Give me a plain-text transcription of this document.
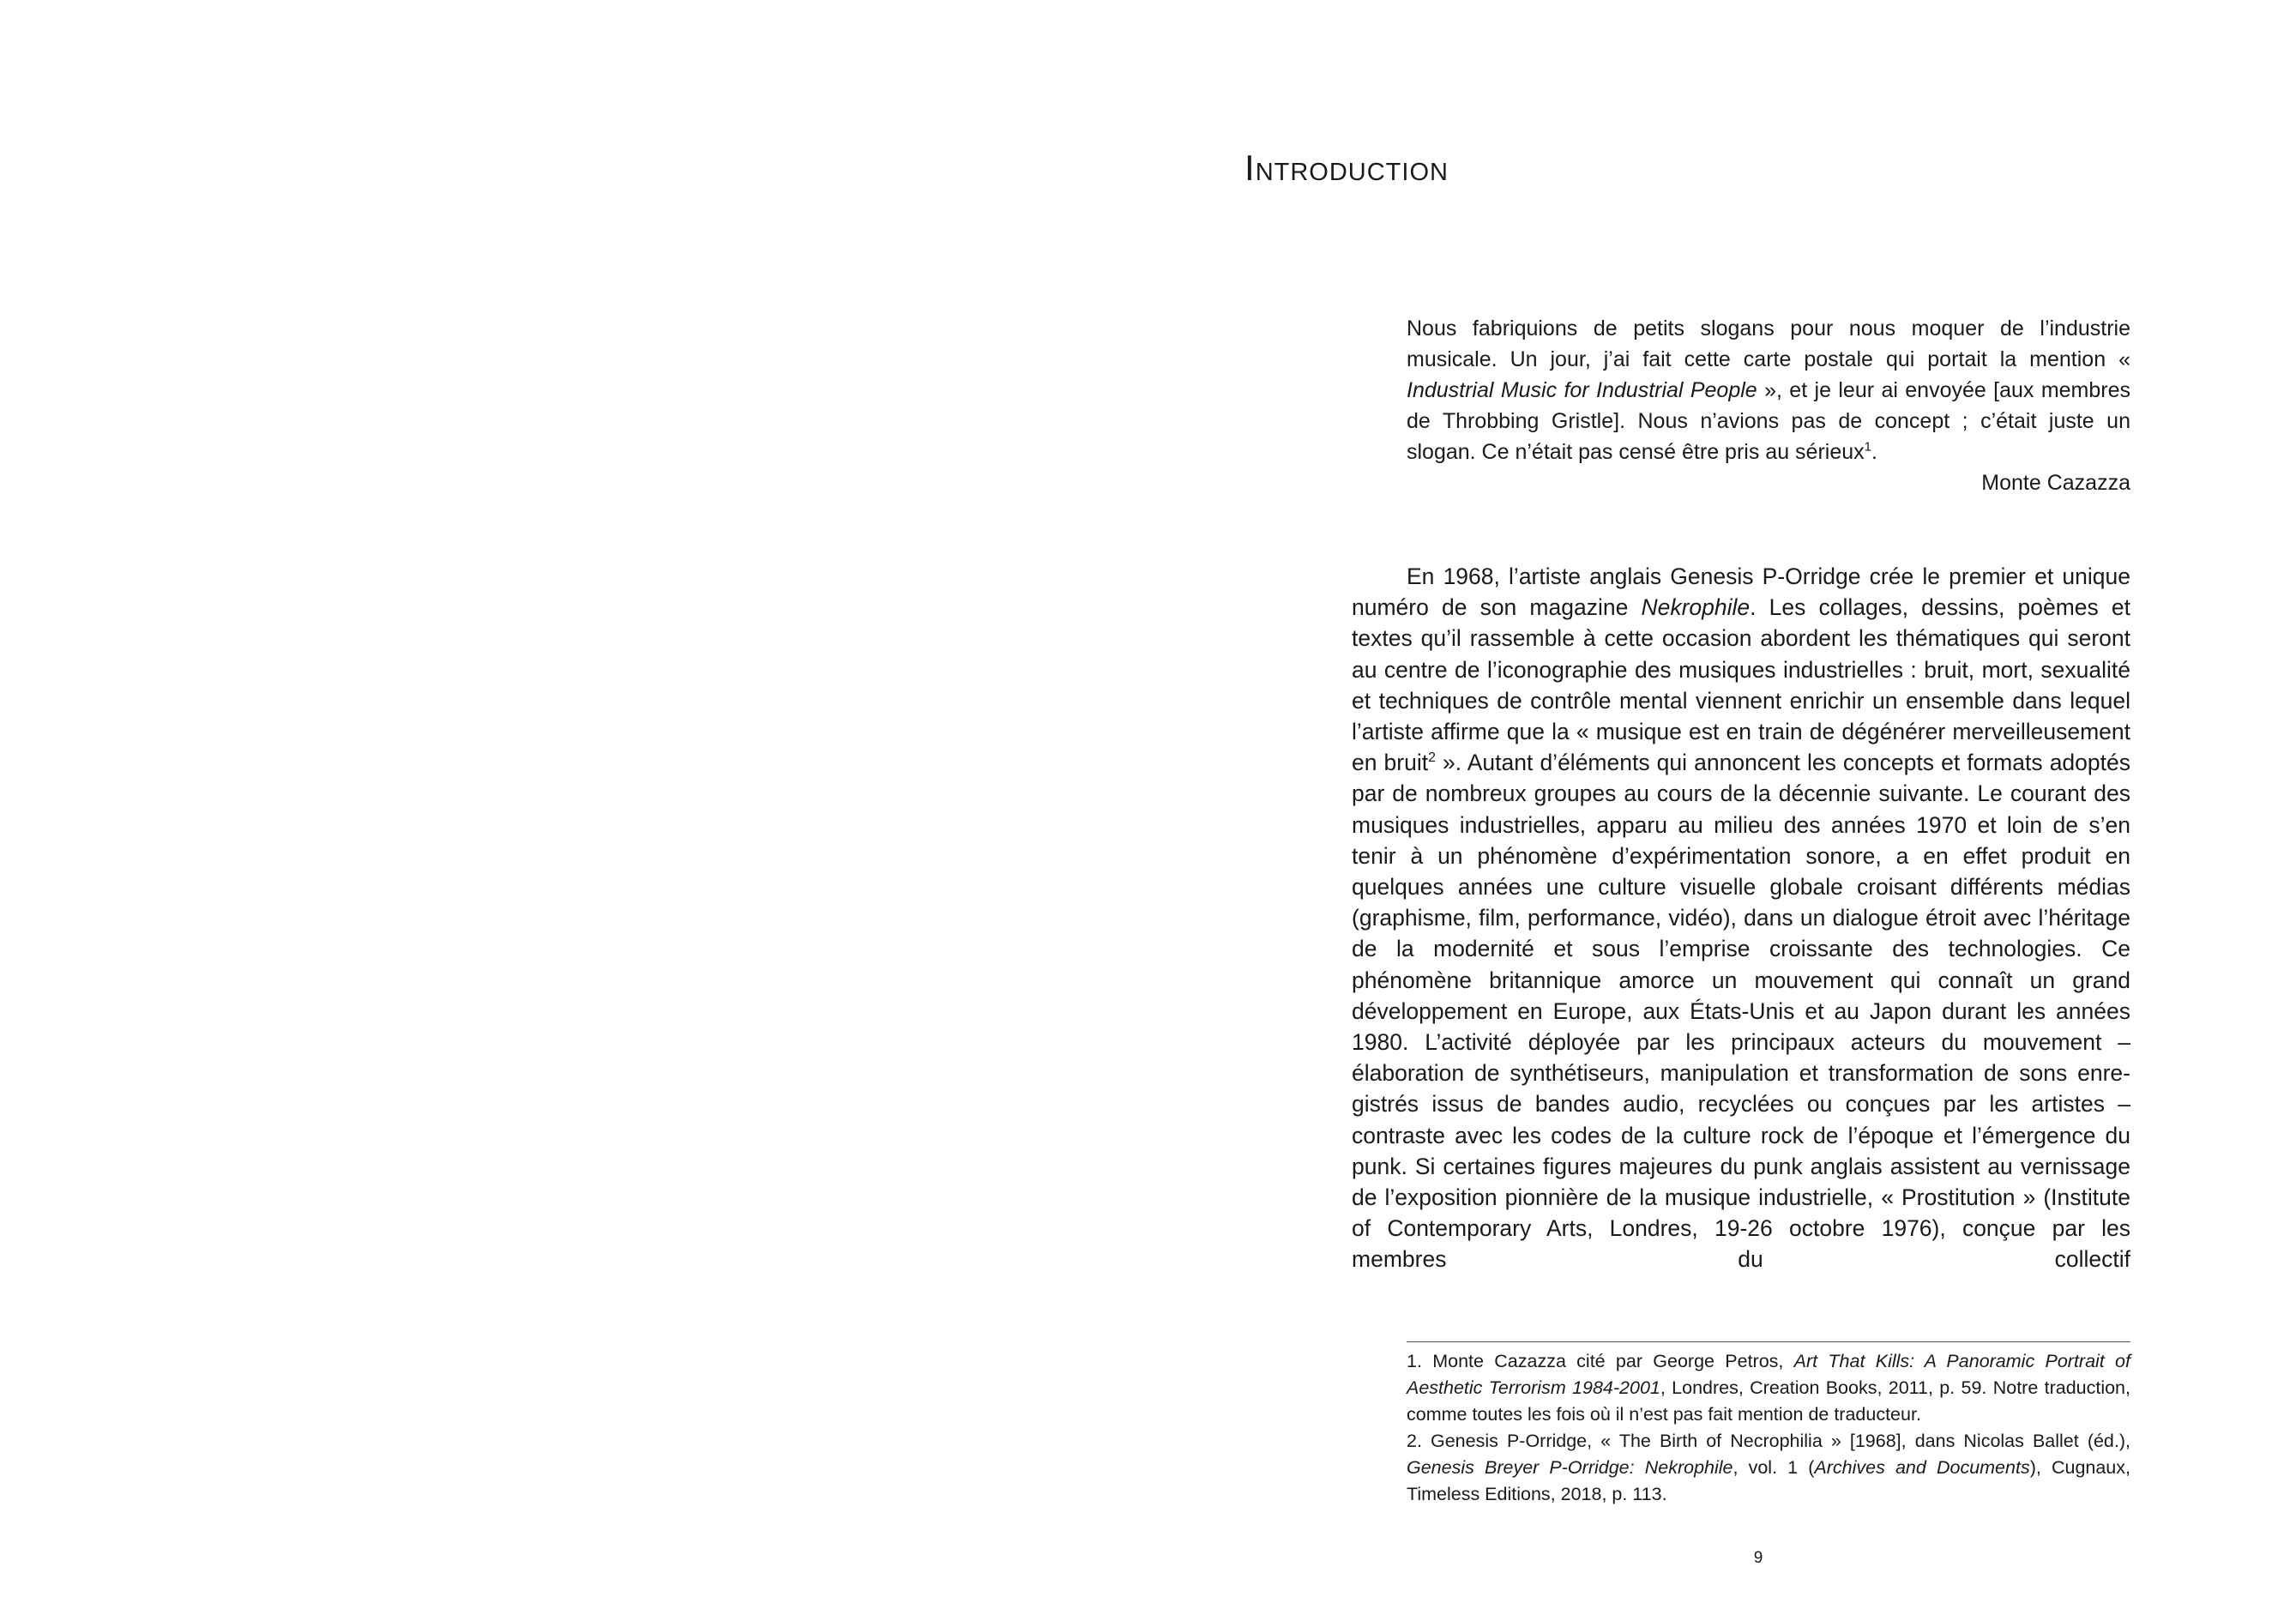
Introduction

Nous fabriquions de petits slogans pour nous moquer de l’industrie musicale. Un jour, j’ai fait cette carte postale qui portait la mention « Industrial Music for Industrial People », et je leur ai envoyée [aux membres de Throbbing Gristle]. Nous n’avions pas de concept ; c’était juste un slogan. Ce n’était pas censé être pris au sérieux$^1$.

Monte Cazazza

En 1968, l’artiste anglais Genesis P-Orridge crée le premier et unique numéro de son magazine Nekrophile. Les collages, dessins, poèmes et textes qu’il rassemble à cette occasion abordent les thématiques qui seront au centre de l’iconographie des musiques industrielles : bruit, mort, sexualité et techniques de contrôle mental viennent enrichir un ensemble dans lequel l’artiste affirme que la « musique est en train de dégénérer merveilleusement en bruit$^2$ ». Autant d’éléments qui annoncent les concepts et formats adoptés par de nombreux groupes au cours de la décennie suivante. Le courant des musiques industrielles, apparu au milieu des années 1970 et loin de s’en tenir à un phénomène d’expérimentation sonore, a en effet produit en quelques années une culture visuelle globale croisant différents médias (graphisme, film, performance, vidéo), dans un dialogue étroit avec l’héritage de la modernité et sous l’emprise croissante des technologies. Ce phénomène britannique amorce un mouvement qui connaît un grand développement en Europe, aux États-Unis et au Japon durant les années 1980. L’activité déployée par les principaux acteurs du mouvement – élaboration de synthétiseurs, manipulation et transformation de sons enregistrés issus de bandes audio, recyclées ou conçues par les artistes – contraste avec les codes de la culture rock de l’époque et l’émergence du punk. Si certaines figures majeures du punk anglais assistent au vernissage de l’exposition pionnière de la musique industrielle, « Prostitution » (Institute of Contemporary Arts, Londres, 19-26 octobre 1976), conçue par les membres du collectif

1. Monte Cazazza cité par George Petros, Art That Kills: A Panoramic Portrait of Aesthetic Terrorism 1984-2001, Londres, Creation Books, 2011, p. 59. Notre traduction, comme toutes les fois où il n’est pas fait mention de traducteur.

2. Genesis P-Orridge, « The Birth of Necrophilia » [1968], dans Nicolas Ballet (éd.), Genesis Breyer P-Orridge: Nekrophile, vol. 1 (Archives and Documents), Cugnaux, Timeless Editions, 2018, p. 113.

9
